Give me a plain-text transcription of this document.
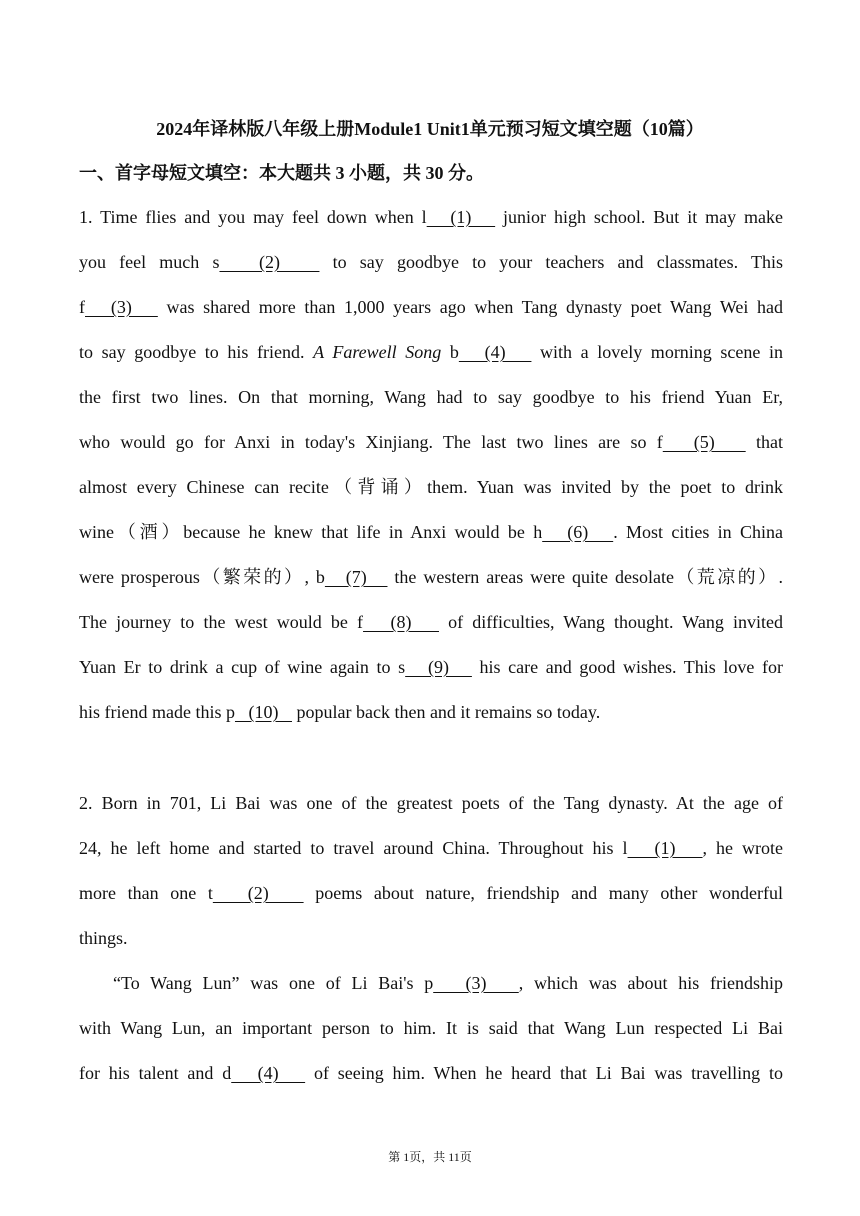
2024年译林版八年级上册Module1 Unit1单元预习短文填空题（10篇）
一、首字母短文填空：本大题共 3 小题，共 30 分。
1. Time flies and you may feel down when l   (1)    junior high school. But it may make
you feel much s   (2)    to say goodbye to your teachers and classmates. This
f   (3)    was shared more than 1,000 years ago when Tang dynasty poet Wang Wei had
to say goodbye to his friend. A Farewell Song b   (4)    with a lovely morning scene in
the first two lines. On that morning, Wang had to say goodbye to his friend Yuan Er,
who would go for Anxi in today's Xinjiang. The last two lines are so f   (5)    that
almost every Chinese can recite（背诵）them. Yuan was invited by the poet to drink
wine（酒）because he knew that life in Anxi would be h   (6)   . Most cities in China
were prosperous（繁荣的）, b   (7)    the western areas were quite desolate（荒凉的）.
The journey to the west would be f   (8)    of difficulties, Wang thought. Wang invited
Yuan Er to drink a cup of wine again to s   (9)    his care and good wishes. This love for
his friend made this p   (10)    popular back then and it remains so today.
2. Born in 701, Li Bai was one of the greatest poets of the Tang dynasty. At the age of
24, he left home and started to travel around China. Throughout his l   (1)   , he wrote
more than one t   (2)    poems about nature, friendship and many other wonderful
things.
“To Wang Lun” was one of Li Bai's p   (3)   , which was about his friendship
with Wang Lun, an important person to him. It is said that Wang Lun respected Li Bai
for his talent and d   (4)    of seeing him. When he heard that Li Bai was travelling to
第 1页，共 11页
